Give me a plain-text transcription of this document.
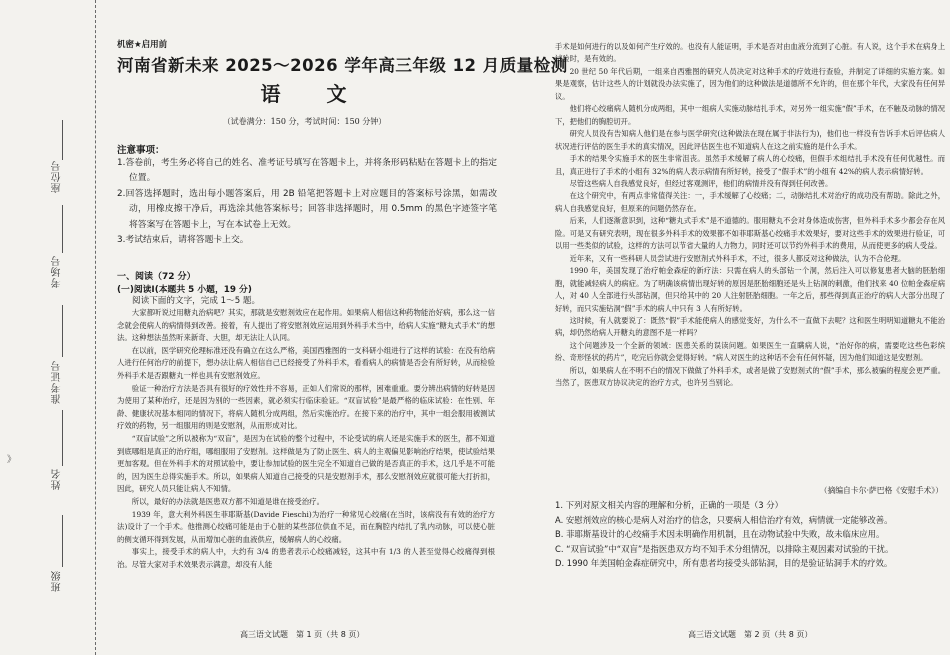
座位号
考场号
准考证号
姓名
班级
》
机密★启用前
河南省新未来 2025～2026 学年高三年级 12 月质量检测
语　　文
（试卷满分：150 分，考试时间：150 分钟）
注意事项：

1.答卷前，考生务必将自己的姓名、准考证号填写在答题卡上，并将条形码粘贴在答题卡上的指定位置。

2.回答选择题时，选出每小题答案后，用 2B 铅笔把答题卡上对应题目的答案标号涂黑，如需改动，用橡皮擦干净后，再选涂其他答案标号；回答非选择题时，用 0.5mm 的黑色字迹签字笔将答案写在答题卡上，写在本试卷上无效。

3.考试结束后，请将答题卡上交。

一、阅读（72 分）
(一)阅读Ⅰ(本题共 5 小题，19 分)
阅读下面的文字，完成 1～5 题。

大家都听说过用糖丸治病吧？其实，那就是安慰剂效应在起作用。如果病人相信这种药物能治好病，那么这一信念就会使病人的病情得到改善。接着，有人提出了将安慰剂效应运用到外科手术当中，给病人实施“糖丸式手术”的想法。这种想法虽然听来新奇、大胆，却无法让人认同。

在以前，医学研究伦理标准还没有确立在这么严格，美国西雅图的一支科研小组进行了这样的试验：在没有给病人进行任何治疗的前提下，想办法让病人相信自己已经接受了外科手术，看看病人的病情是否会有所好转，从而检验外科手术是否跟糖丸一样也具有安慰剂效应。

验证一种治疗方法是否具有很好的疗效性并不容易，正如人们常说的那样，困难重重。要分辨出病情的好转是因为使用了某种治疗，还是因为别的一些因素，就必须实行临床验证。“双盲试验”是最严格的临床试验：在性别、年龄、健康状况基本相同的情况下，将病人随机分成两组，然后实施治疗。在接下来的治疗中，其中一组会服用被测试疗效的药物，另一组服用的则是安慰剂，从而形成对比。

“双盲试验”之所以被称为“双盲”，是因为在试验的整个过程中，不论受试的病人还是实施手术的医生，都不知道到底哪组是真正的治疗组，哪组服用了安慰剂。这样做是为了防止医生、病人的主观偏见影响治疗结果，使试验结果更加客观。但在外科手术的对照试验中，要让参加试验的医生完全不知道自己做的是否真正的手术，这几乎是不可能的，因为医生总得实施手术。所以，如果病人知道自己接受的只是安慰剂手术，那么安慰剂效应就很可能大打折扣，因此，研究人员只能让病人不知情。

所以，最好的办法就是医患双方都不知道是谁在接受治疗。

1939 年，意大利外科医生菲耶斯基(Davide Fieschi)为治疗一种常见心绞痛(在当时，该病没有有效的治疗方法)设计了一个手术。他推测心绞痛可能是由于心脏的某些部位供血不足，而在胸腔内结扎了乳内动脉，可以使心脏的侧支循环得到发展，从而增加心脏的血液供应，缓解病人的心绞痛。

事实上，接受手术的病人中，大约有 3/4 的患者表示心绞痛减轻，这其中有 1/3 的人甚至觉得心绞痛得到根治。尽管大家对手术效果表示满意，却没有人能

高三语文试题　第 1 页（共 8 页）

手术是如何进行的以及如何产生疗效的。也没有人能证明，手术是否对由血液分流到了心脏。有人说，这个手术在病身上试验时，是有效的。

20 世纪 50 年代后期，一组来自西雅图的研究人员决定对这种手术的疗效进行查验，并制定了详细的实施方案。如果是观察，估计这些人的计划就没办法实施了，因为他们的这种做法是道德所不允许的，但在那个年代，大家没有任何异议。

他们将心绞痛病人随机分成两组，其中一组病人实施动脉结扎手术，对另外一组实施“假”手术，在不触及动脉的情况下，把他们的胸腔切开。

研究人员没有告知病人他们是在参与医学研究(这种做法在现在属于非法行为)，他们也一样没有告诉手术后评估病人状况进行评估的医生手术的真实情况，因此评估医生也不知道病人在这之前实施的是什么手术。

手术的结果令实施手术的医生非常沮丧。虽然手术缓解了病人的心绞痛，但假手术组结扎手术没有任何优越性。而且，真正进行了手术的小组有 32%的病人表示病情有所好转，接受了“假手术”的小组有 42%的病人表示病情好转。

尽管这些病人自我感觉良好，但经过客观测评，他们的病情并没有得到任何改善。

在这个研究中，有两点非常值得关注：一，手术缓解了心绞痛；二，动脉结扎术对治疗的成功没有帮助。除此之外，病人自我感觉良好，但原来的问题仍然存在。

后来，人们逐渐意识到，这种“糖丸式手术”是不道德的。服用糖丸不会对身体造成伤害，但外科手术多少都会存在风险。可是又有研究表明，现在很多外科手术的效果都不如菲耶斯基心绞痛手术效果好，要对这些手术的效果进行验证，可以用一些类似的试验，这样的方法可以节省大量的人力物力，同时还可以节约外科手术的费用，从而使更多的病人受益。

近年来，又有一些科研人员尝试进行安慰剂式外科手术，不过，很多人都反对这种做法，认为不合伦理。

1990 年，美国发现了治疗帕金森症的新疗法：只需在病人的头部钻一个洞，然后注入可以修复患者大脑的胚胎细胞，就能减轻病人的病症。为了明确该病情出现好转的原因是胚胎细胞还是头上钻洞的刺激，他们找来 40 位帕金森症病人，对 40 人全部进行头部钻洞，但只给其中的 20 人注射胚胎细胞。一年之后，那些得到真正治疗的病人大部分出现了好转，而只实施钻洞“假”手术的病人中只有 3 人有所好转。

这时候，有人就要说了：既然“假”手术能使病人的感觉变好，为什么不一直做下去呢？这和医生明明知道糖丸不能治病，却仍然给病人开糖丸的意图不是一样吗？

这个问题涉及一个全新的领域：医患关系的误读问题。如果医生一直瞒病人说，“治好你的病，需要吃这些色彩缤纷、奇形怪状的药片”，吃完后你就会觉得好转。“病人对医生的这种话不会有任何怀疑，因为他们知道这是安慰剂。

所以，如果病人在不明不白的情况下做做了外科手术，或者是做了安慰剂式的“假”手术，那么被骗的程度会更严重。当然了，医患双方协议决定的治疗方式，也许另当别论。

（摘编自卡尔·萨巴格《安慰手术》）

1. 下列对原文相关内容的理解和分析，正确的一项是（3 分）

A. 安慰剂效应的核心是病人对治疗的信念，只要病人相信治疗有效，病情就一定能够改善。

B. 菲耶斯基设计的心绞痛手术因未明确作用机制，且在动物试验中失败，故未临床应用。

C. “双盲试验”中“双盲”是指医患双方均不知手术分组情况，以排除主观因素对试验的干扰。

D. 1990 年美国帕金森症研究中，所有患者均接受头部钻洞，目的是验证钻洞手术的疗效。

高三语文试题　第 2 页（共 8 页）
